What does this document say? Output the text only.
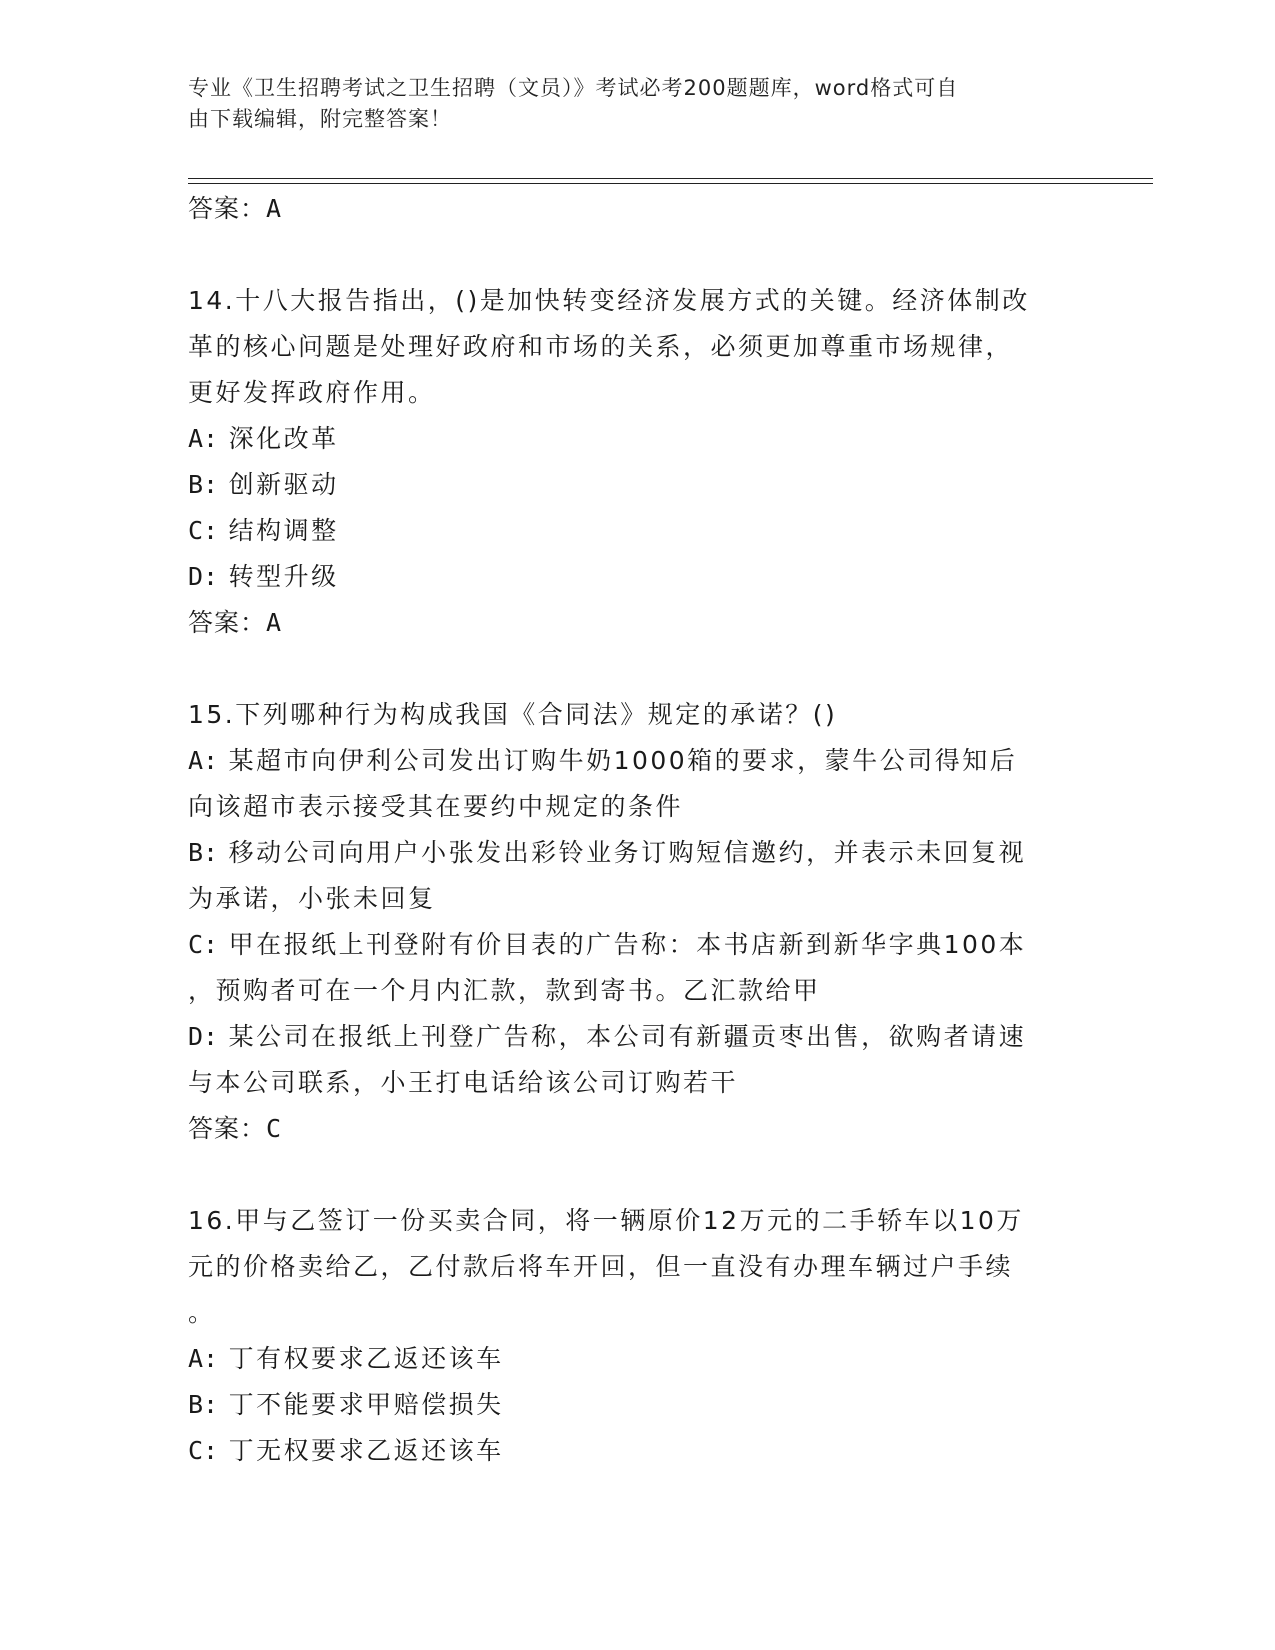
专业《卫生招聘考试之卫生招聘（文员）》考试必考200题题库，word格式可自
由下载编辑，附完整答案！

答案：A

14.十八大报告指出，()是加快转变经济发展方式的关键。经济体制改

革的核心问题是处理好政府和市场的关系，必须更加尊重市场规律，

更好发挥政府作用。

A: 深化改革

B: 创新驱动

C: 结构调整

D: 转型升级

答案：A

15.下列哪种行为构成我国《合同法》规定的承诺？()

A: 某超市向伊利公司发出订购牛奶1000箱的要求，蒙牛公司得知后

向该超市表示接受其在要约中规定的条件

B: 移动公司向用户小张发出彩铃业务订购短信邀约，并表示未回复视

为承诺，小张未回复

C: 甲在报纸上刊登附有价目表的广告称：本书店新到新华字典100本

，预购者可在一个月内汇款，款到寄书。乙汇款给甲

D: 某公司在报纸上刊登广告称，本公司有新疆贡枣出售，欲购者请速

与本公司联系，小王打电话给该公司订购若干

答案：C

16.甲与乙签订一份买卖合同，将一辆原价12万元的二手轿车以10万

元的价格卖给乙，乙付款后将车开回，但一直没有办理车辆过户手续

。

A: 丁有权要求乙返还该车

B: 丁不能要求甲赔偿损失

C: 丁无权要求乙返还该车
